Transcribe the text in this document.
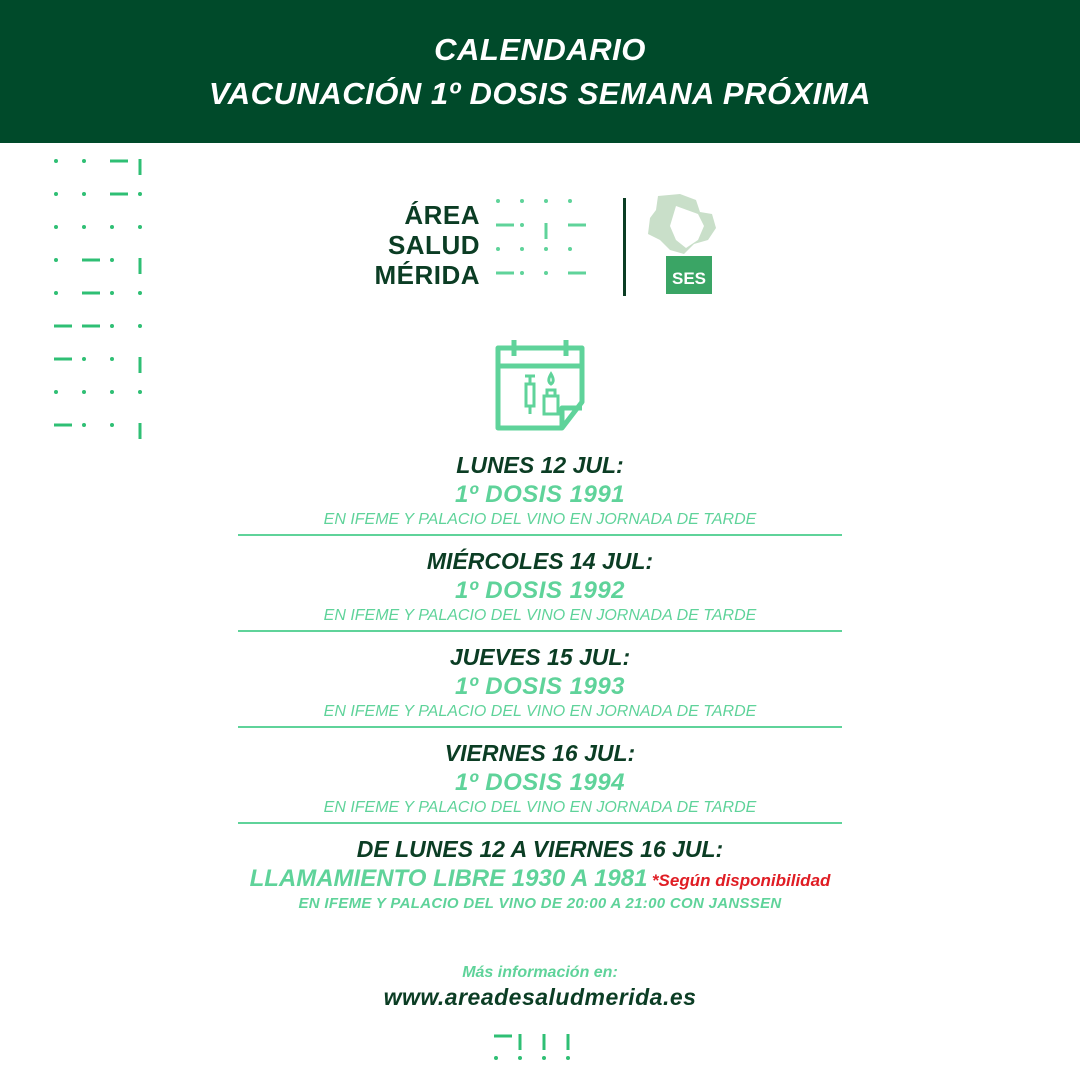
CALENDARIO
VACUNACIÓN 1º DOSIS SEMANA PRÓXIMA
ÁREA
SALUD
MÉRIDA	SES
LUNES 12 JUL:
1º DOSIS 1991
EN IFEME Y PALACIO DEL VINO EN JORNADA DE TARDE
MIÉRCOLES 14 JUL:
1º DOSIS 1992
EN IFEME Y PALACIO DEL VINO EN JORNADA DE TARDE
JUEVES 15 JUL:
1º DOSIS 1993
EN IFEME Y PALACIO DEL VINO EN JORNADA DE TARDE
VIERNES 16 JUL:
1º DOSIS 1994
EN IFEME Y PALACIO DEL VINO EN JORNADA DE TARDE
DE LUNES 12 A VIERNES 16 JUL:
LLAMAMIENTO LIBRE 1930 A 1981 *Según disponibilidad
EN IFEME Y PALACIO DEL VINO DE 20:00 A 21:00 CON JANSSEN
Más información en:
www.areadesaludmerida.es
